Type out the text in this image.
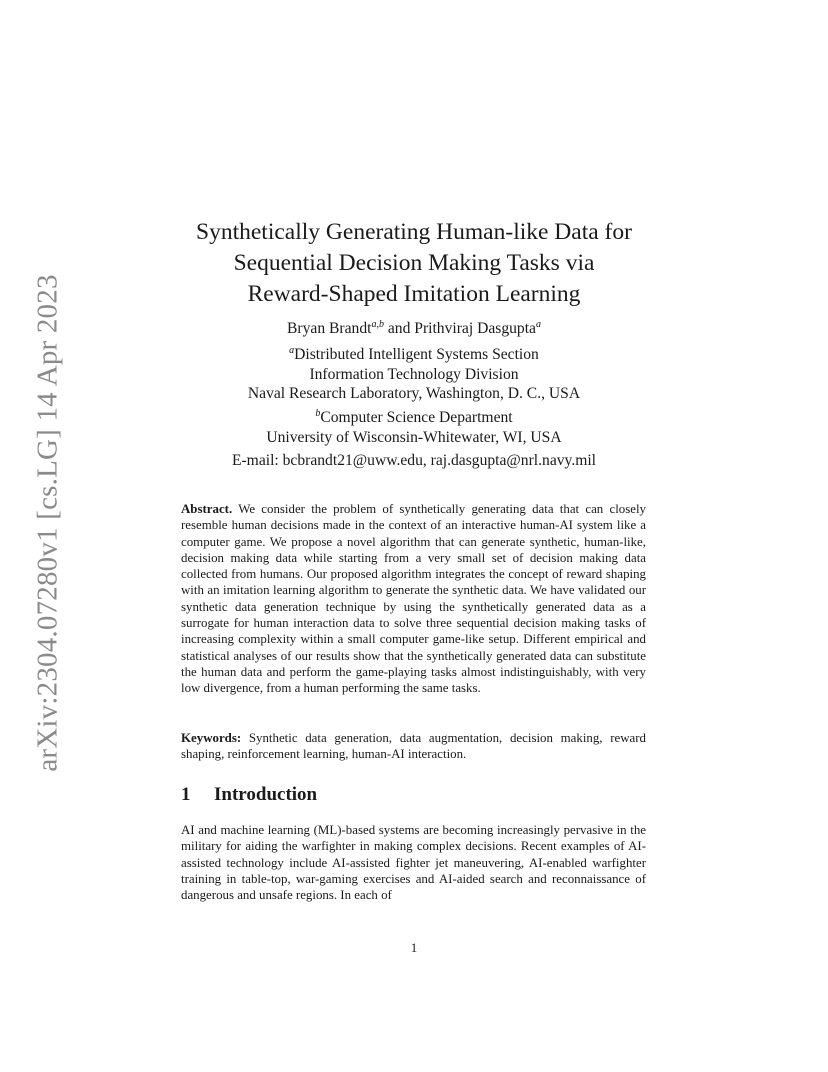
arXiv:2304.07280v1 [cs.LG] 14 Apr 2023
Synthetically Generating Human-like Data for
Sequential Decision Making Tasks via
Reward-Shaped Imitation Learning
Bryan Brandt$^{a,b}$ and Prithviraj Dasgupta$^a$
$^a$Distributed Intelligent Systems Section
Information Technology Division
Naval Research Laboratory, Washington, D. C., USA
$^b$Computer Science Department
University of Wisconsin-Whitewater, WI, USA
E-mail: bcbrandt21@uww.edu, raj.dasgupta@nrl.navy.mil
Abstract. We consider the problem of synthetically generating data that can closely resemble human decisions made in the context of an interactive human-AI system like a computer game. We propose a novel algorithm that can generate synthetic, human-like, decision making data while starting from a very small set of decision making data collected from humans. Our proposed algorithm integrates the concept of reward shaping with an imitation learning algorithm to generate the synthetic data. We have validated our synthetic data generation technique by using the synthetically generated data as a surrogate for human interaction data to solve three sequential decision making tasks of increasing complexity within a small computer game-like setup. Different empirical and statistical analyses of our results show that the synthetically generated data can substitute the human data and perform the game-playing tasks almost indistinguishably, with very low divergence, from a human performing the same tasks.
Keywords: Synthetic data generation, data augmentation, decision making, reward shaping, reinforcement learning, human-AI interaction.
1 Introduction
AI and machine learning (ML)-based systems are becoming increasingly pervasive in the military for aiding the warfighter in making complex decisions. Recent examples of AI-assisted technology include AI-assisted fighter jet maneuvering, AI-enabled warfighter training in table-top, war-gaming exercises and AI-aided search and reconnaissance of dangerous and unsafe regions. In each of
1
